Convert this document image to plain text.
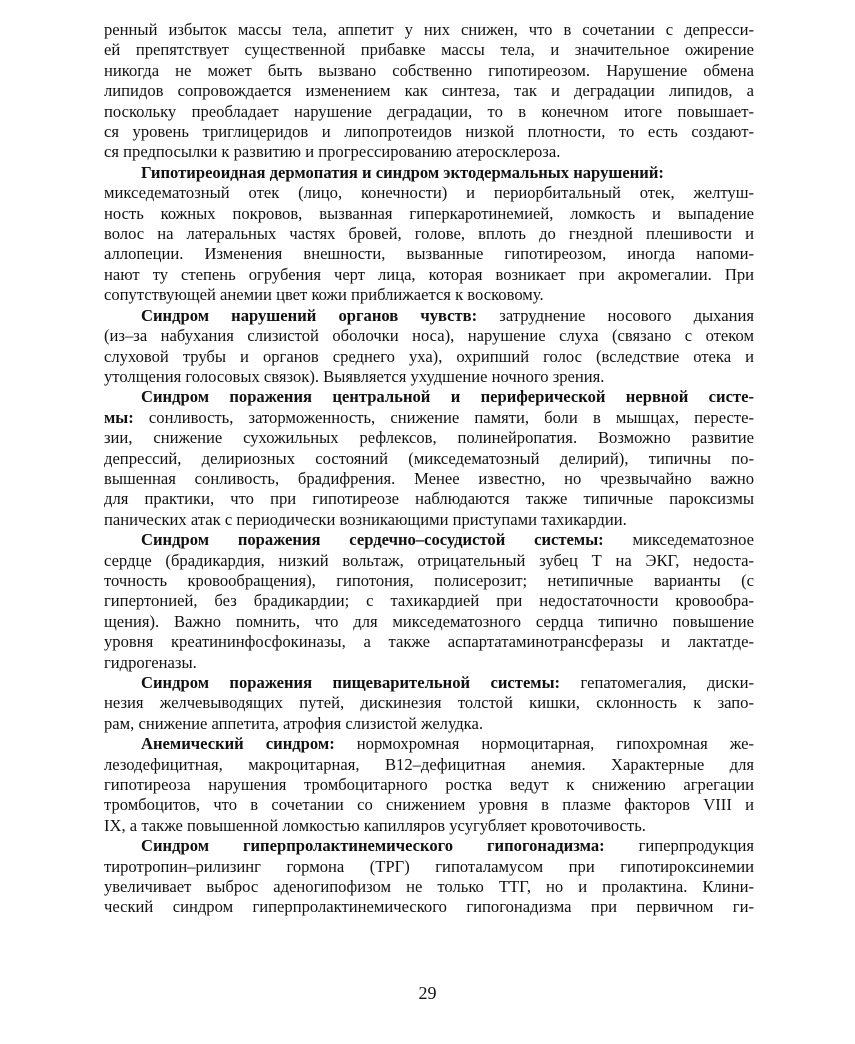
ренный избыток массы тела, аппетит у них снижен, что в сочетании с депресси-
ей препятствует существенной прибавке массы тела, и значительное ожирение
никогда не может быть вызвано собственно гипотиреозом. Нарушение обмена
липидов сопровождается изменением как синтеза, так и деградации липидов, а
поскольку преобладает нарушение деградации, то в конечном итоге повышает-
ся уровень триглицеридов и липопротеидов низкой плотности, то есть создают-
ся предпосылки к развитию и прогрессированию атеросклероза.
Гипотиреоидная дермопатия и синдром эктодермальных нарушений:
микседематозный отек (лицо, конечности) и периорбитальный отек, желтуш-
ность кожных покровов, вызванная гиперкаротинемией, ломкость и выпадение
волос на латеральных частях бровей, голове, вплоть до гнездной плешивости и
аллопеции. Изменения внешности, вызванные гипотиреозом, иногда напоми-
нают ту степень огрубения черт лица, которая возникает при акромегалии. При
сопутствующей анемии цвет кожи приближается к восковому.
Синдром нарушений органов чувств: затруднение носового дыхания
(из–за набухания слизистой оболочки носа), нарушение слуха (связано с отеком
слуховой трубы и органов среднего уха), охрипший голос (вследствие отека и
утолщения голосовых связок). Выявляется ухудшение ночного зрения.
Синдром поражения центральной и периферической нервной систе-
мы: сонливость, заторможенность, снижение памяти, боли в мышцах, пересте-
зии, снижение сухожильных рефлексов, полинейропатия. Возможно развитие
депрессий, делириозных состояний (микседематозный делирий), типичны по-
вышенная сонливость, брадифрения. Менее известно, но чрезвычайно важно
для практики, что при гипотиреозе наблюдаются также типичные пароксизмы
панических атак с периодически возникающими приступами тахикардии.
Синдром поражения сердечно–сосудистой системы: микседематозное
сердце (брадикардия, низкий вольтаж, отрицательный зубец Т на ЭКГ, недоста-
точность кровообращения), гипотония, полисерозит; нетипичные варианты (с
гипертонией, без брадикардии; с тахикардией при недостаточности кровообра-
щения). Важно помнить, что для микседематозного сердца типично повышение
уровня креатининфосфокиназы, а также аспартатаминотрансферазы и лактатде-
гидрогеназы.
Синдром поражения пищеварительной системы: гепатомегалия, диски-
незия желчевыводящих путей, дискинезия толстой кишки, склонность к запо-
рам, снижение аппетита, атрофия слизистой желудка.
Анемический синдром: нормохромная нормоцитарная, гипохромная же-
лезодефицитная, макроцитарная, В12–дефицитная анемия. Характерные для
гипотиреоза нарушения тромбоцитарного ростка ведут к снижению агрегации
тромбоцитов, что в сочетании со снижением уровня в плазме факторов VIII и
IX, а также повышенной ломкостью капилляров усугубляет кровоточивость.
Синдром гиперпролактинемического гипогонадизма: гиперпродукция
тиротропин–рилизинг гормона (ТРГ) гипоталамусом при гипотироксинемии
увеличивает выброс аденогипофизом не только ТТГ, но и пролактина. Клини-
ческий синдром гиперпролактинемического гипогонадизма при первичном ги-
29
